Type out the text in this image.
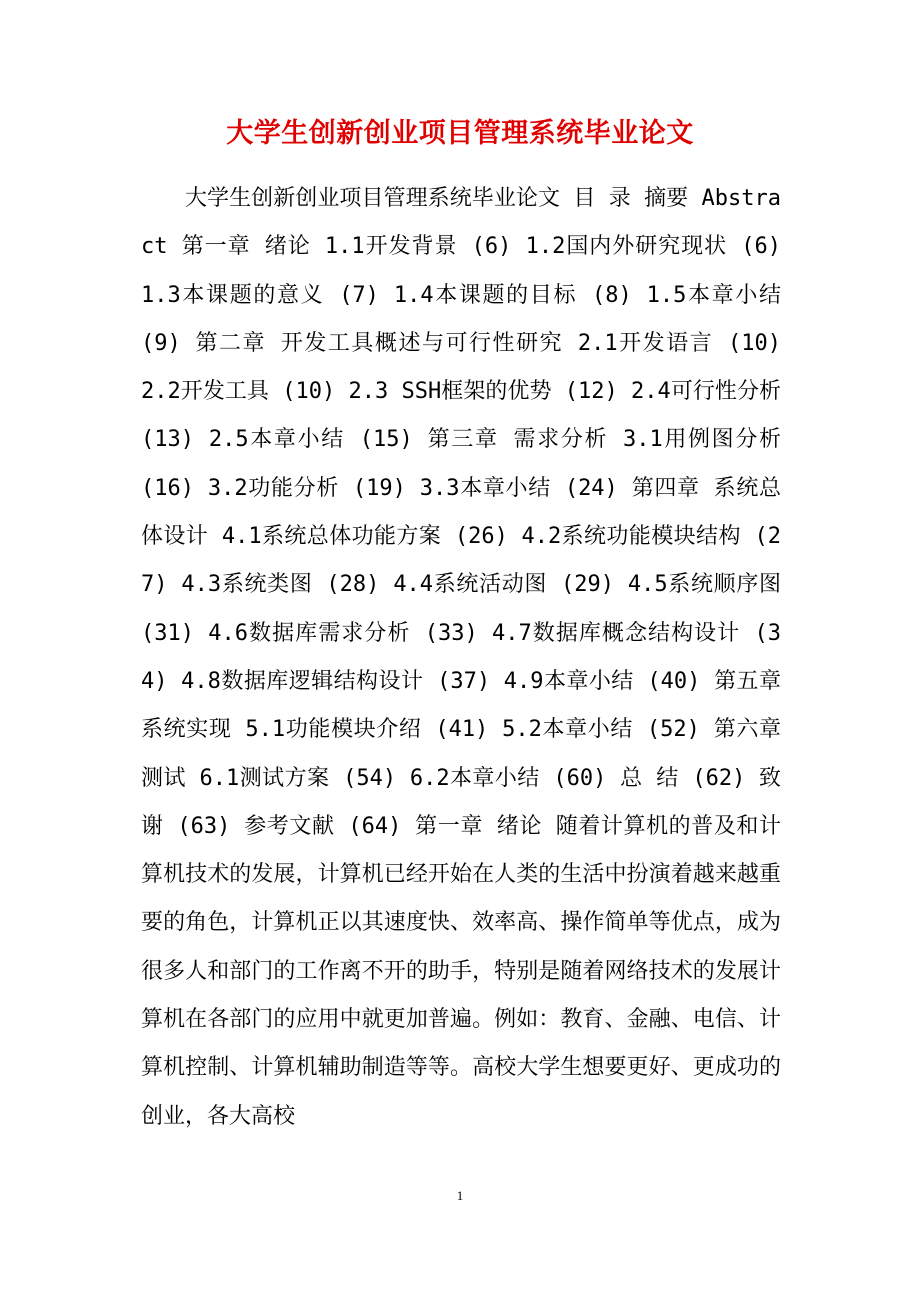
大学生创新创业项目管理系统毕业论文
大学生创新创业项目管理系统毕业论文 目 录 摘要 Abstract 第一章 绪论 1.1开发背景 (6) 1.2国内外研究现状 (6) 1.3本课题的意义 (7) 1.4本课题的目标 (8) 1.5本章小结 (9) 第二章 开发工具概述与可行性研究 2.1开发语言 (10) 2.2开发工具 (10) 2.3 SSH框架的优势 (12) 2.4可行性分析 (13) 2.5本章小结 (15) 第三章 需求分析 3.1用例图分析 (16) 3.2功能分析 (19) 3.3本章小结 (24) 第四章 系统总体设计 4.1系统总体功能方案 (26) 4.2系统功能模块结构 (27) 4.3系统类图 (28) 4.4系统活动图 (29) 4.5系统顺序图 (31) 4.6数据库需求分析 (33) 4.7数据库概念结构设计 (34) 4.8数据库逻辑结构设计 (37) 4.9本章小结 (40) 第五章 系统实现 5.1功能模块介绍 (41) 5.2本章小结 (52) 第六章 测试 6.1测试方案 (54) 6.2本章小结 (60) 总 结 (62) 致谢 (63) 参考文献 (64) 第一章 绪论 随着计算机的普及和计算机技术的发展，计算机已经开始在人类的生活中扮演着越来越重要的角色，计算机正以其速度快、效率高、操作简单等优点，成为很多人和部门的工作离不开的助手，特别是随着网络技术的发展计算机在各部门的应用中就更加普遍。例如：教育、金融、电信、计算机控制、计算机辅助制造等等。高校大学生想要更好、更成功的创业，各大高校
1
